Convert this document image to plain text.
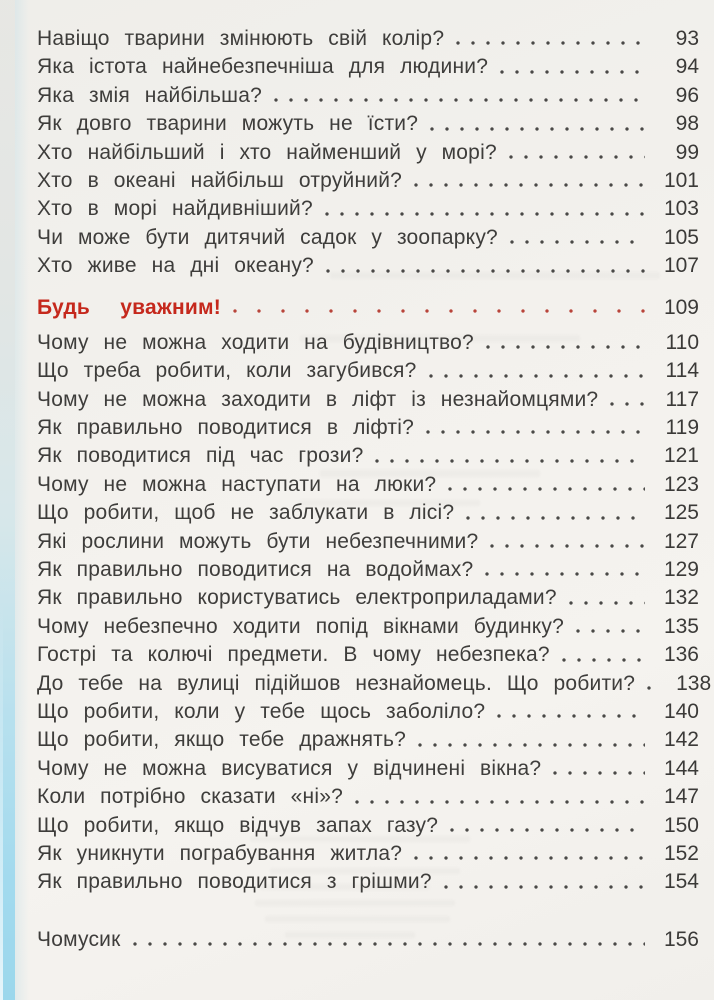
Навіщо тварини змінюють свій колір?	93
Яка істота найнебезпечніша для людини?	94
Яка змія найбільша?	96
Як довго тварини можуть не їсти?	98
Хто найбільший і хто найменший у морі?	99
Хто в океані найбільш отруйний?	101
Хто в морі найдивніший?	103
Чи може бути дитячий садок у зоопарку?	105
Хто живе на дні океану?	107
Будь уважним!	109
Чому не можна ходити на будівництво?	110
Що треба робити, коли загубився?	114
Чому не можна заходити в ліфт із незнайомцями?	117
Як правильно поводитися в ліфті?	119
Як поводитися під час грози?	121
Чому не можна наступати на люки?	123
Що робити, щоб не заблукати в лісі?	125
Які рослини можуть бути небезпечними?	127
Як правильно поводитися на водоймах?	129
Як правильно користуватись електроприладами?	132
Чому небезпечно ходити попід вікнами будинку?	135
Гострі та колючі предмети. В чому небезпека?	136
До тебе на вулиці підійшов незнайомець. Що робити?	138
Що робити, коли у тебе щось заболіло?	140
Що робити, якщо тебе дражнять?	142
Чому не можна висуватися у відчинені вікна?	144
Коли потрібно сказати «ні»?	147
Що робити, якщо відчув запах газу?	150
Як уникнути пограбування житла?	152
Як правильно поводитися з грішми?	154
Чомусик	156
